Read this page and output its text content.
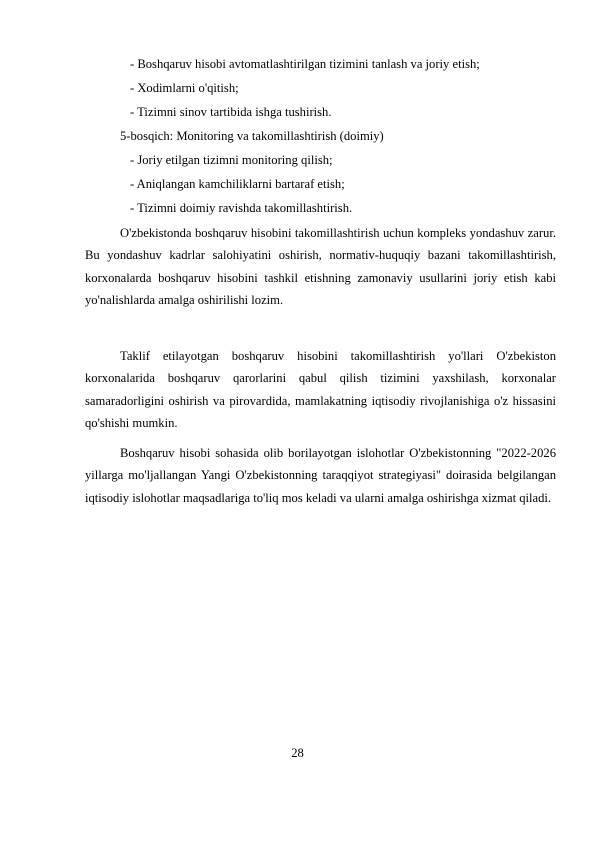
- Boshqaruv hisobi avtomatlashtirilgan tizimini tanlash va joriy etish;
- Xodimlarni o'qitish;
- Tizimni sinov tartibida ishga tushirish.
5-bosqich: Monitoring va takomillashtirish (doimiy)
- Joriy etilgan tizimni monitoring qilish;
- Aniqlangan kamchiliklarni bartaraf etish;
- Tizimni doimiy ravishda takomillashtirish.

O'zbekistonda boshqaruv hisobini takomillashtirish uchun kompleks yondashuv zarur. Bu yondashuv kadrlar salohiyatini oshirish, normativ-huquqiy bazani takomillashtirish, korxonalarda boshqaruv hisobini tashkil etishning zamonaviy usullarini joriy etish kabi yo'nalishlarda amalga oshirilishi lozim.

Taklif etilayotgan boshqaruv hisobini takomillashtirish yo'llari O'zbekiston korxonalarida boshqaruv qarorlarini qabul qilish tizimini yaxshilash, korxonalar samaradorligini oshirish va pirovardida, mamlakatning iqtisodiy rivojlanishiga o'z hissasini qo'shishi mumkin.

Boshqaruv hisobi sohasida olib borilayotgan islohotlar O'zbekistonning "2022-2026 yillarga mo'ljallangan Yangi O'zbekistonning taraqqiyot strategiyasi" doirasida belgilangan iqtisodiy islohotlar maqsadlariga to'liq mos keladi va ularni amalga oshirishga xizmat qiladi.

28
